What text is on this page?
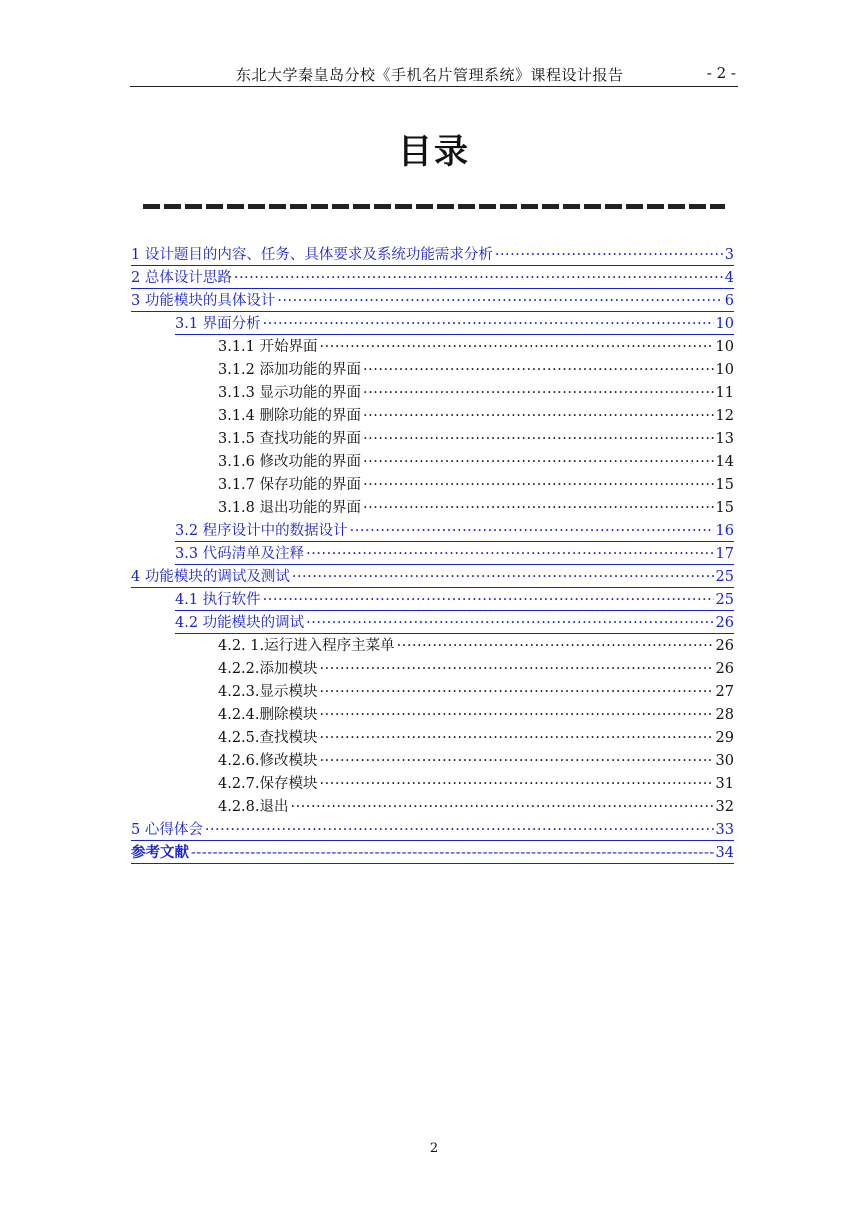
东北大学秦皇岛分校《手机名片管理系统》课程设计报告	- 2 -
目录
1 设计题目的内容、任务、具体要求及系统功能需求分析 ·····	3
2 总体设计思路 ·····	4
3 功能模块的具体设计 ·····	6
3.1 界面分析 ·····	10
3.1.1 开始界面 ·····	10
3.1.2 添加功能的界面 ·····	10
3.1.3 显示功能的界面 ·····	11
3.1.4 删除功能的界面 ·····	12
3.1.5 查找功能的界面 ·····	13
3.1.6 修改功能的界面 ·····	14
3.1.7 保存功能的界面 ·····	15
3.1.8 退出功能的界面 ·····	15
3.2 程序设计中的数据设计 ·····	16
3.3 代码清单及注释 ·····	17
4 功能模块的调试及测试 ·····	25
4.1 执行软件 ·····	25
4.2 功能模块的调试 ·····	26
4.2. 1.运行进入程序主菜单 ·····	26
4.2.2.添加模块 ·····	26
4.2.3.显示模块 ·····	27
4.2.4.删除模块 ·····	28
4.2.5.查找模块 ·····	29
4.2.6.修改模块 ·····	30
4.2.7.保存模块 ·····	31
4.2.8.退出 ·····	32
5 心得体会 ·····	33
参考文献 -----	34
2
